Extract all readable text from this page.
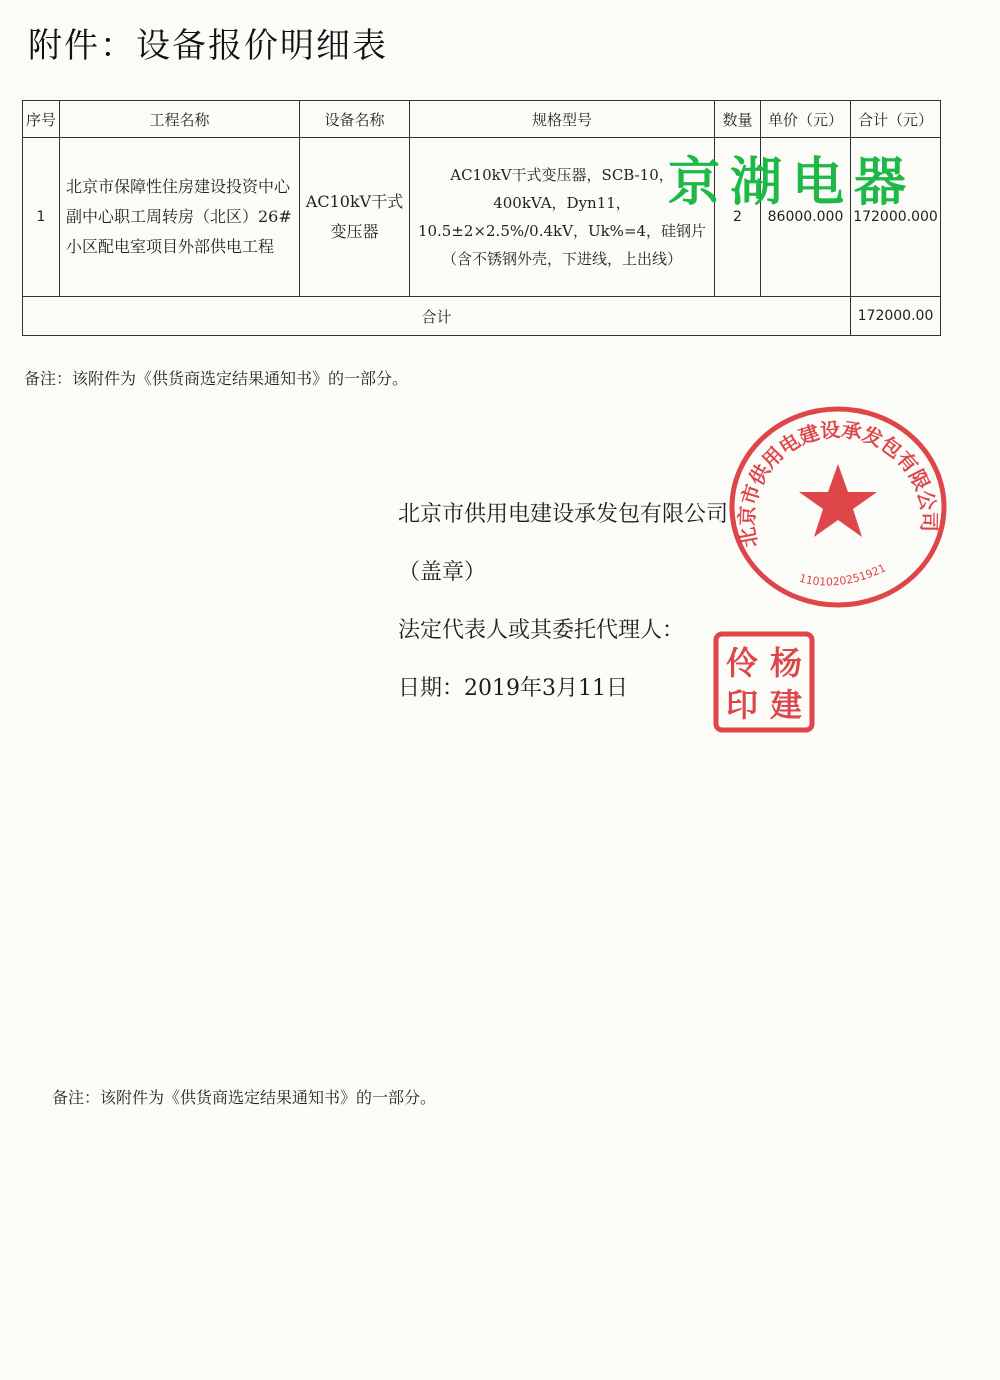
附件：设备报价明细表
序号	工程名称	设备名称	规格型号	数量	单价（元）	合计（元）
1	北京市保障性住房建设投资中心副中心职工周转房（北区）26#小区配电室项目外部供电工程	AC10kV干式变压器	AC10kV干式变压器，SCB-10，400kVA，Dyn11，10.5±2×2.5%/0.4kV，Uk%=4，硅钢片（含不锈钢外壳，下进线，上出线）	2	86000.000	172000.000
合计						172000.00
京湖电器
备注：该附件为《供货商选定结果通知书》的一部分。
北京市供用电建设承发包有限公司
（盖章）
法定代表人或其委托代理人：
日期：2019年3月11日
北京市供用电建设承发包有限公司
1101020251921
杨
建
伶
印
备注：该附件为《供货商选定结果通知书》的一部分。
